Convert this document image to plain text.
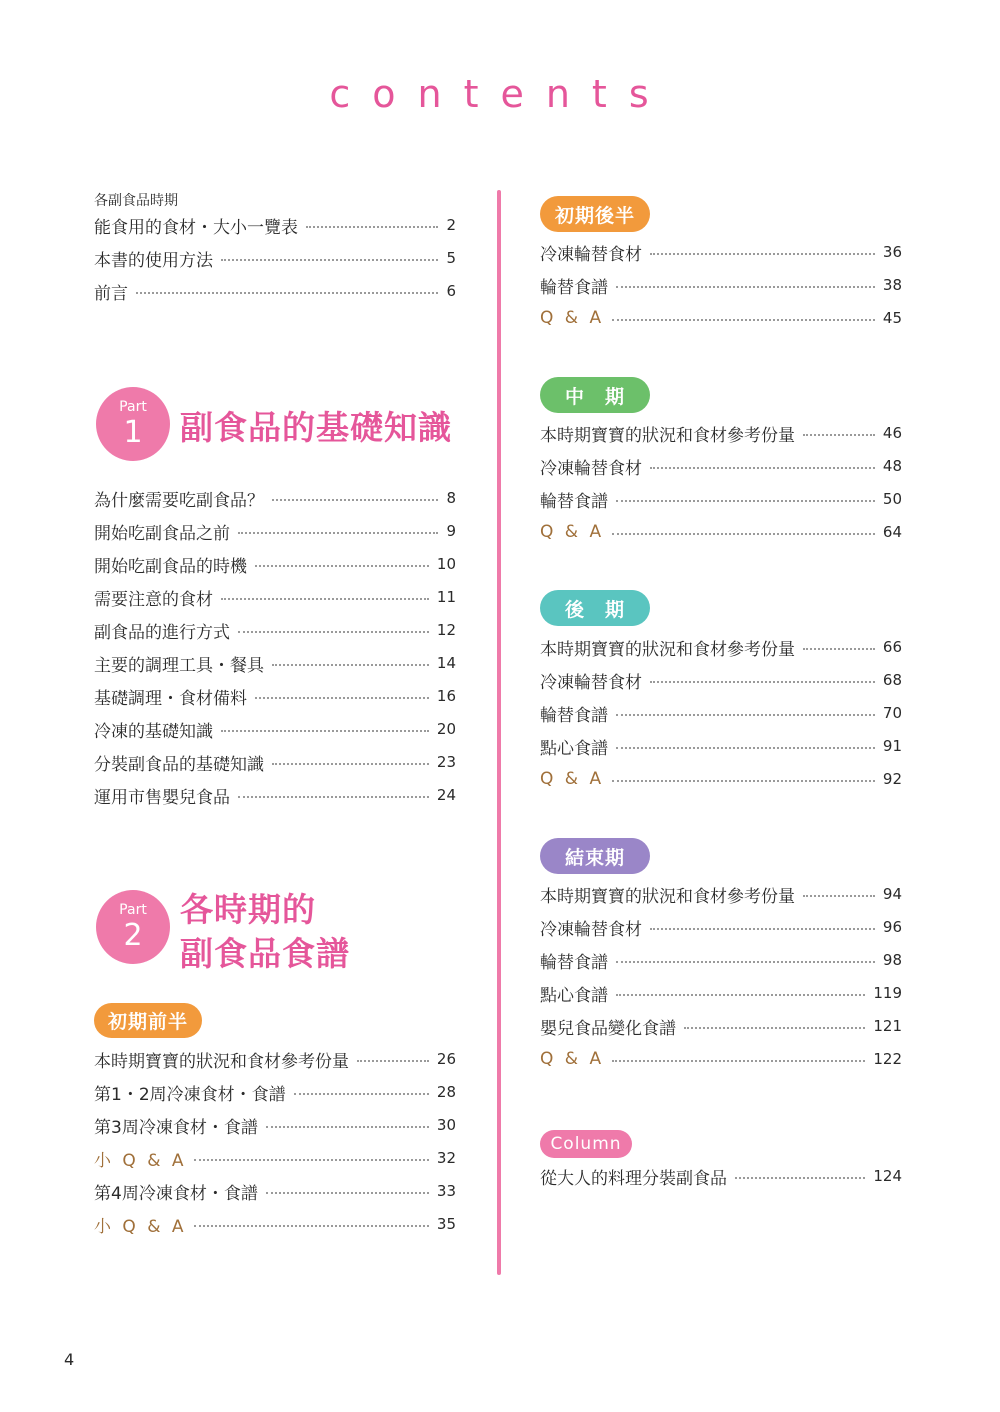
contents
各副食品時期
能食用的食材・大小一覽表	2
本書的使用方法	5
前言	6
Part
1	副食品的基礎知識
為什麼需要吃副食品？	8
開始吃副食品之前	9
開始吃副食品的時機	10
需要注意的食材	11
副食品的進行方式	12
主要的調理工具・餐具	14
基礎調理・食材備料	16
冷凍的基礎知識	20
分裝副食品的基礎知識	23
運用市售嬰兒食品	24
Part
2
各時期的
副食品食譜
初期前半
本時期寶寶的狀況和食材參考份量	26
第1・2周冷凍食材・食譜	28
第3周冷凍食材・食譜	30
小 Q & A	32
第4周冷凍食材・食譜	33
小 Q & A	35
初期後半
冷凍輪替食材	36
輪替食譜	38
Q & A	45
中　期
本時期寶寶的狀況和食材參考份量	46
冷凍輪替食材	48
輪替食譜	50
Q & A	64
後　期
本時期寶寶的狀況和食材參考份量	66
冷凍輪替食材	68
輪替食譜	70
點心食譜	91
Q & A	92
結束期
本時期寶寶的狀況和食材參考份量	94
冷凍輪替食材	96
輪替食譜	98
點心食譜	119
嬰兒食品變化食譜	121
Q & A	122
Column
從大人的料理分裝副食品	124
4
